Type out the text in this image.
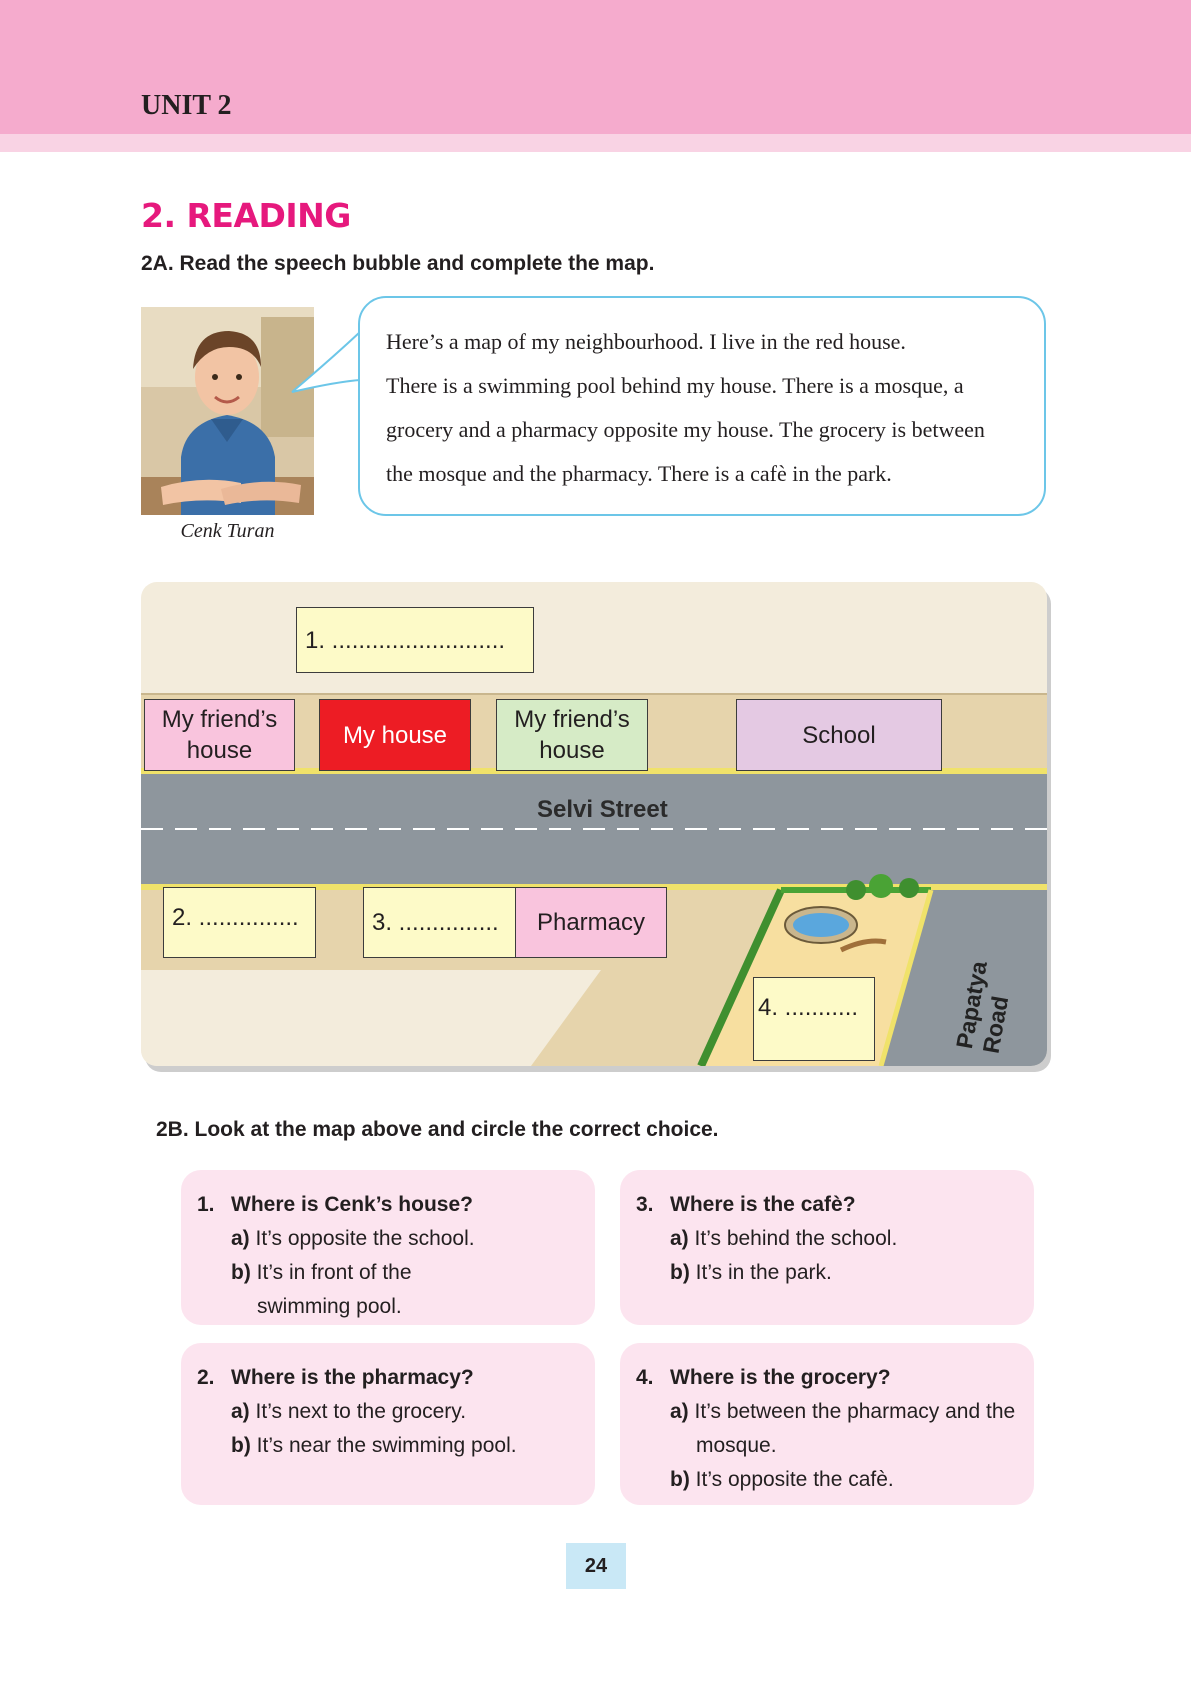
UNIT 2
2. READING
2A. Read the speech bubble and complete the map.
Cenk Turan

Here’s a map of my neighbourhood. I live in the red house.

There is a swimming pool behind my house. There is a mosque, a

grocery and a pharmacy opposite my house. The grocery is between

the mosque and the pharmacy. There is a cafè in the park.

1. ..........................
My friend’s
house
My house
My friend’s
house
School
Selvi Street
2. ...............	3. ...............	Pharmacy
4. ...........	Papatya Road
2B. Look at the map above and circle the correct choice.
1. Where is Cenk’s house?
a) It’s opposite the school.
b) It’s in front of the
swimming pool.
3. Where is the cafè?
a) It’s behind the school.
b) It’s in the park.
2. Where is the pharmacy?
a) It’s next to the grocery.
b) It’s near the swimming pool.
4. Where is the grocery?
a) It’s between the pharmacy and the
mosque.
b) It’s opposite the cafè.
24
